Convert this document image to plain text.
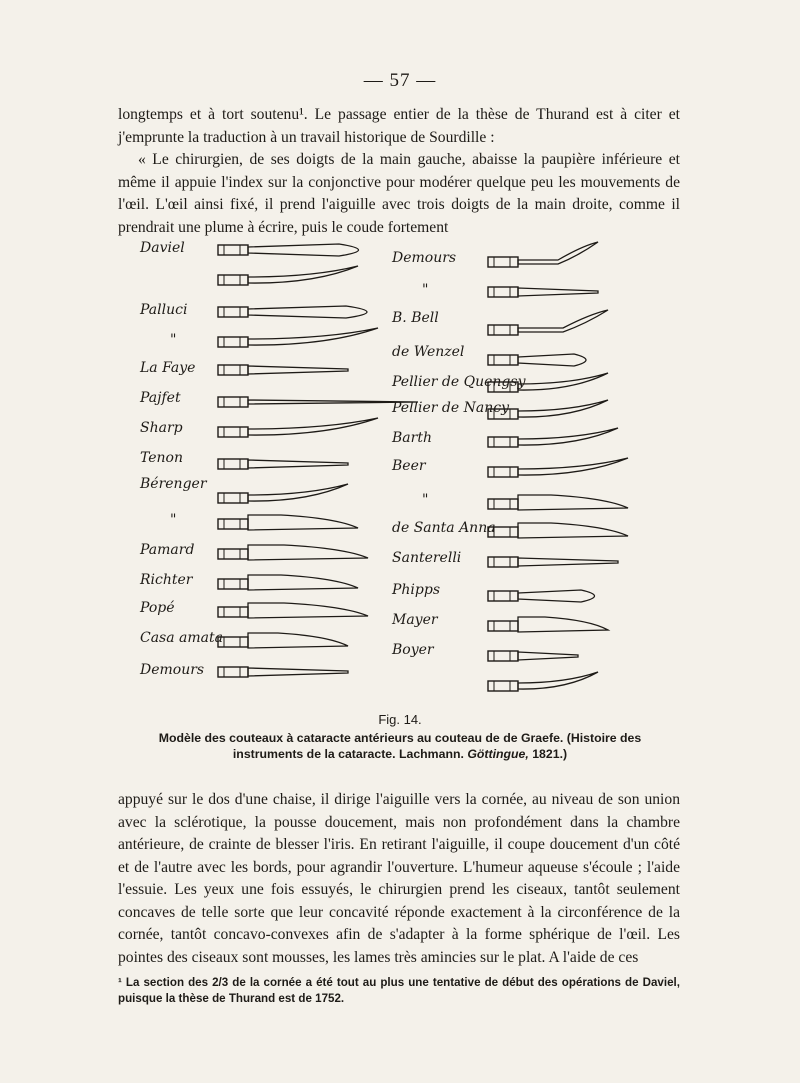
— 57 —

longtemps et à tort soutenu¹. Le passage entier de la thèse de Thurand est à citer et j'emprunte la traduction à un travail historique de Sourdille :

« Le chirurgien, de ses doigts de la main gauche, abaisse la paupière inférieure et même il appuie l'index sur la conjonctive pour modérer quelque peu les mouvements de l'œil. L'œil ainsi fixé, il prend l'aiguille avec trois doigts de la main droite, comme il prendrait une plume à écrire, puis le coude fortement

Daviel
Palluci
"
La Faye
Pajfet
Sharp
Tenon
Bérenger
"
Pamard
Richter
Popé
Casa amata
Demours
Demours
"
B. Bell
de Wenzel
Pellier de Quengsy
Pellier de Nancy
Barth
Beer
"
de Santa Anna
Santerelli
Phipps
Mayer
Boyer
Fig. 14.
Modèle des couteaux à cataracte antérieurs au couteau de de Graefe. (Histoire des instruments de la cataracte. Lachmann. Göttingue, 1821.)

appuyé sur le dos d'une chaise, il dirige l'aiguille vers la cornée, au niveau de son union avec la sclérotique, la pousse doucement, mais non profondément dans la chambre antérieure, de crainte de blesser l'iris. En retirant l'aiguille, il coupe doucement d'un côté et de l'autre avec les bords, pour agrandir l'ouverture. L'humeur aqueuse s'écoule ; l'aide l'essuie. Les yeux une fois essuyés, le chirurgien prend les ciseaux, tantôt seulement concaves de telle sorte que leur concavité réponde exactement à la circonférence de la cornée, tantôt concavo-convexes afin de s'adapter à la forme sphérique de l'œil. Les pointes des ciseaux sont mousses, les lames très amincies sur le plat. A l'aide de ces

¹ La section des 2/3 de la cornée a été tout au plus une tentative de début des opérations de Daviel, puisque la thèse de Thurand est de 1752.
